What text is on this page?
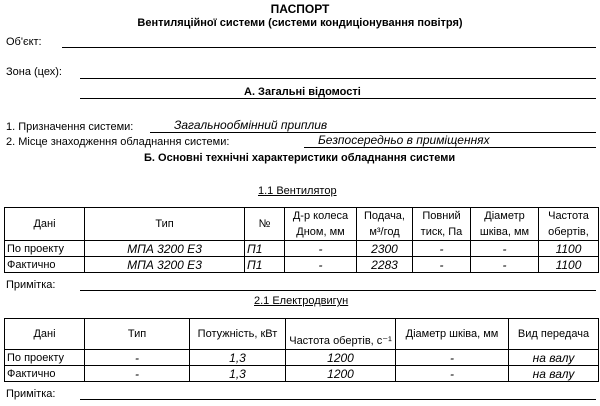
ПАСПОРТ
Вентиляційної системи (системи кондиціонування повітря)
Об'єкт:
Зона (цех):
А. Загальні відомості
1. Призначення системи:	Загальнообмінний приплив
2. Місце знаходження обладнання системи:	Безпосередньо в приміщеннях
Б. Основні технічні характеристики обладнання системи
1.1 Вентилятор
Дані	Тип	№	Д-р колеса Дном, мм	Подача, м³/год	Повний тиск, Па	Діаметр шківа, мм	Частота обертів,
По проекту	МПА 3200 Е3	П1	-	2300	-	-	1100
Фактично	МПА 3200 Е3	П1	-	2283	-	-	1100
Примітка:
2.1 Електродвигун
Дані	Тип	Потужність, кВт	Частота обертів, с⁻¹	Діаметр шківа, мм	Вид передача
По проекту	-	1,3	1200	-	на валу
Фактично	-	1,3	1200	-	на валу
Примітка:
